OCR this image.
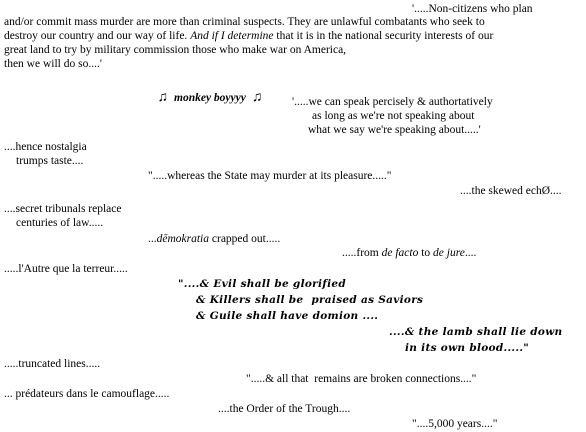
'.....Non-citizens who plan
and/or commit mass murder are more than criminal suspects. They are unlawful combatants who seek to
destroy our country and our way of life. And if I determine that it is in the national security interests of our
great land to try by military commission those who make war on America,
then we will do so....'

♫ monkey boyyyy ♫
	'.....we can speak percisely & authortatively
as long as we're not speaking about
what we say we're speaking about.....'
....hence nostalgia
trumps taste....
".....whereas the State may murder at its pleasure....."
....the skewed echØ....
....secret tribunals replace
centuries of law.....
...dēmokratia crapped out.....
.....from de facto to de jure....
.....l'Autre que la terreur.....
"....& Evil shall be glorified
& Killers shall be  praised as Saviors
& Guile shall have domion ....
....& the lamb shall lie down
in its own blood....."
.....truncated lines.....
".....& all that  remains are broken connections...."
... prédateurs dans le camouflage.....
....the Order of the Trough....
"....5,000 years...."
